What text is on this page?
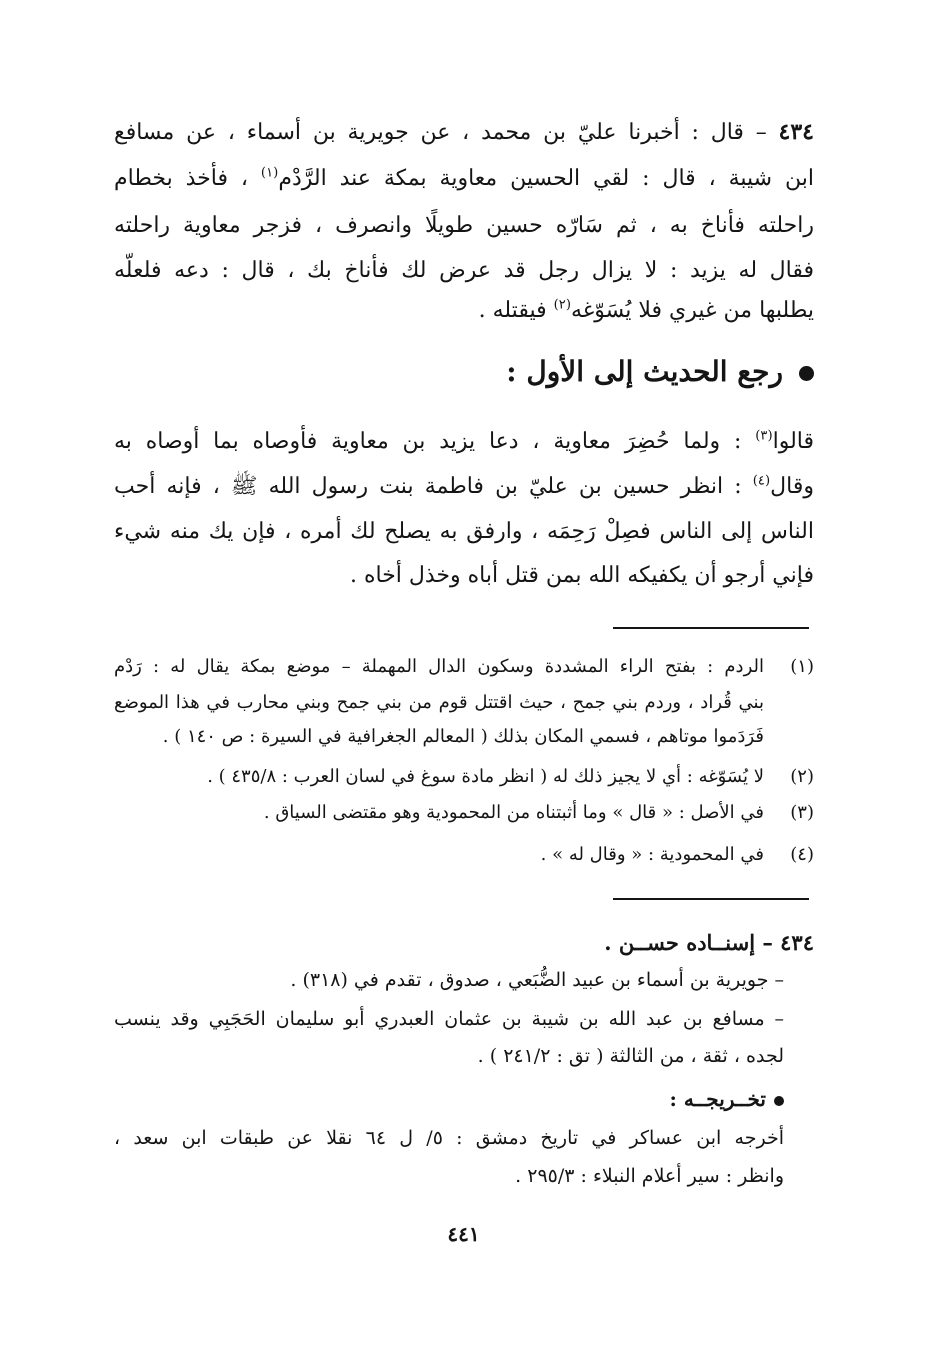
٤٣٤ – قال : أخبرنا عليّ بن محمد ، عن جويرية بن أسماء ، عن مسافع
ابن شيبة ، قال : لقي الحسين معاوية بمكة عند الرَّدْم$^{(١)}$ ، فأخذ بخطام
راحلته فأناخ به ، ثم سَارّه حسين طويلًا وانصرف ، فزجر معاوية راحلته
فقال له يزيد : لا يزال رجل قد عرض لك فأناخ بك ، قال : دعه فلعلّه
يطلبها من غيري فلا يُسَوّغه$^{(٢)}$ فيقتله .
رجع الحديث إلى الأول :
قالوا$^{(٣)}$ : ولما حُضِرَ معاوية ، دعا يزيد بن معاوية فأوصاه بما أوصاه به
وقال$^{(٤)}$ : انظر حسين بن عليّ بن فاطمة بنت رسول الله ﷺ ، فإنه أحب
الناس إلى الناس فصِلْ رَحِمَه ، وارفق به يصلح لك أمره ، فإن يك منه شيء
فإني أرجو أن يكفيكه الله بمن قتل أباه وخذل أخاه .
(١)
الردم : بفتح الراء المشددة وسكون الدال المهملة – موضع بمكة يقال له : رَدْم
بني قُراد ، وردم بني جمح ، حيث اقتتل قوم من بني جمح وبني محارب في هذا الموضع
فَرَدَموا موتاهم ، فسمي المكان بذلك ( المعالم الجغرافية في السيرة : ص ١٤٠ ) .
(٢)
لا يُسَوّغه : أي لا يجيز ذلك له ( انظر مادة سوغ في لسان العرب : ٤٣٥/٨ ) .
(٣)
في الأصل : « قال » وما أثبتناه من المحمودية وهو مقتضى السياق .
(٤)
في المحمودية : « وقال له » .
٤٣٤ – إسنــاده حســن .
– جويرية بن أسماء بن عبيد الضُّبَعي ، صدوق ، تقدم في (٣١٨) .
– مسافع بن عبد الله بن شيبة بن عثمان العبدري أبو سليمان الحَجَبِي وقد ينسب
لجده ، ثقة ، من الثالثة ( تق : ٢٤١/٢ ) .
تخــريجــه :
أخرجه ابن عساكر في تاريخ دمشق : ٥/ ل ٦٤ نقلا عن طبقات ابن سعد ،
وانظر : سير أعلام النبلاء : ٢٩٥/٣ .
٤٤١
